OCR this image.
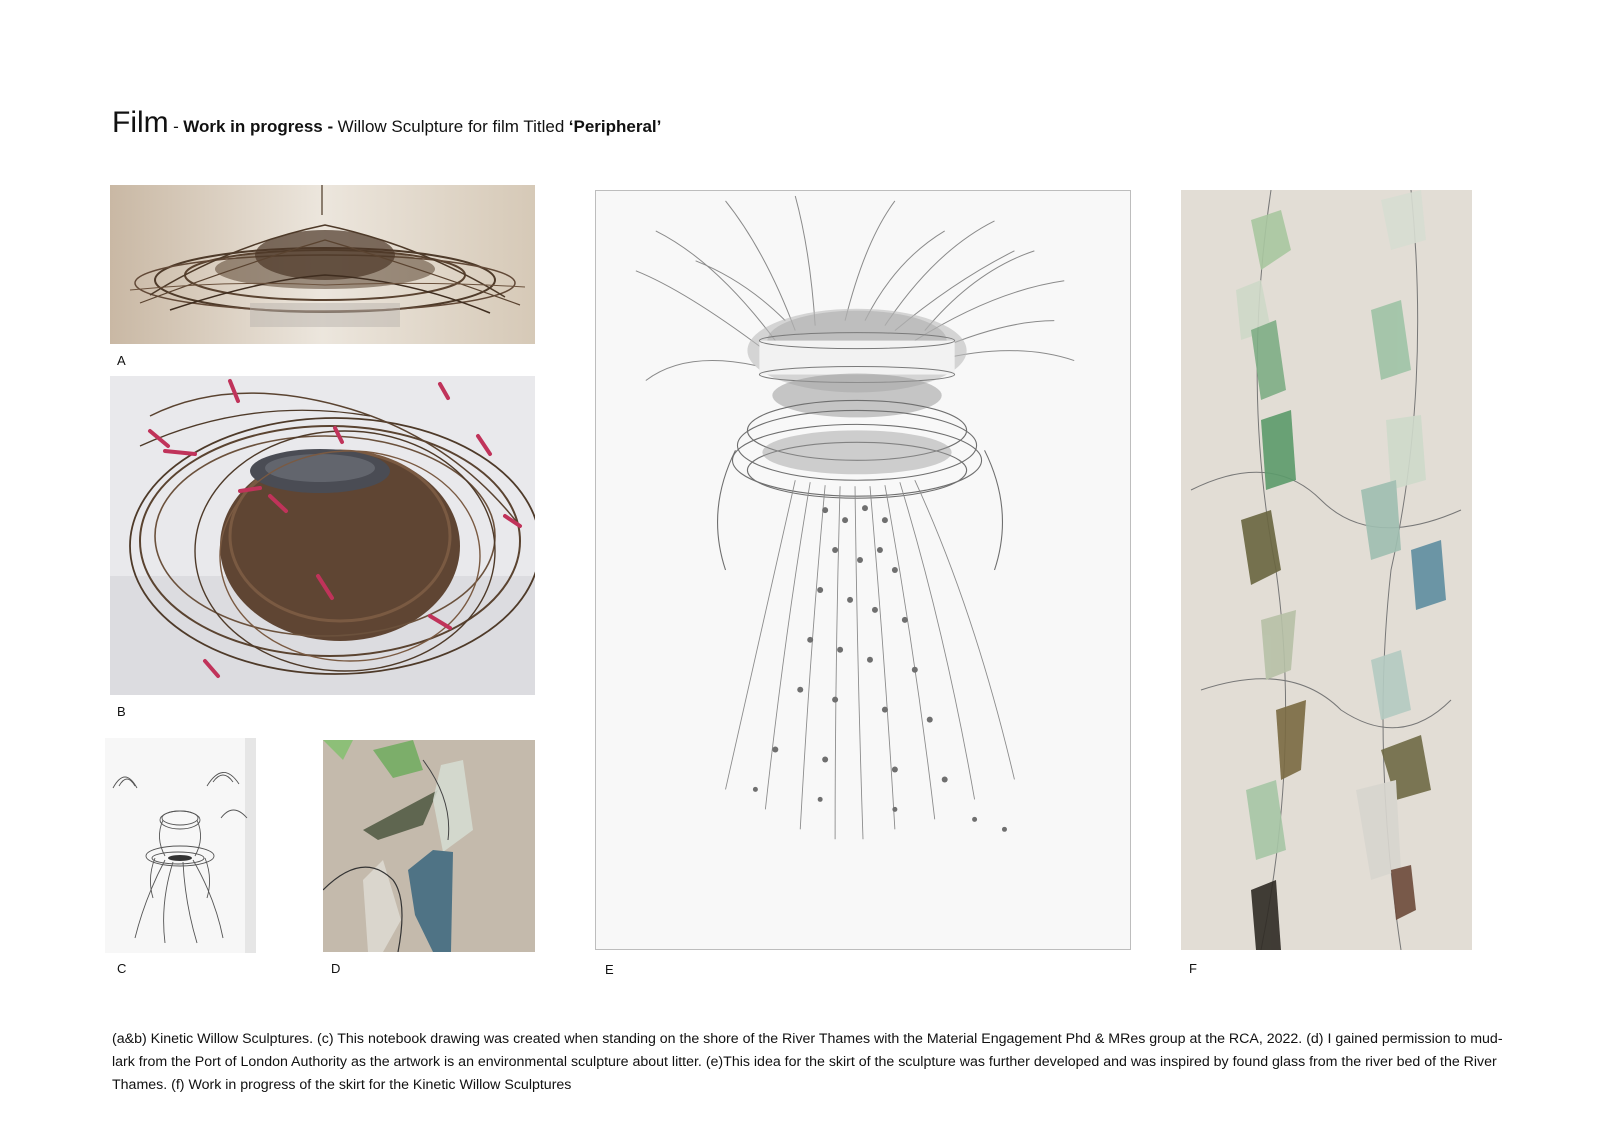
Film - Work in progress - Willow Sculpture for film Titled ‘Peripheral’
A
B
C	D	E	F

(a&b) Kinetic Willow Sculptures. (c) This notebook drawing was created when standing on the shore of the River Thames with the Material Engagement Phd & MRes group at the RCA, 2022. (d) I gained permission to mud-lark from the Port of London Authority as the artwork is an environmental sculpture about litter. (e)This idea for the skirt of the sculpture was further developed and was inspired by found glass from the river bed of the River Thames. (f) Work in progress of the skirt for the Kinetic Willow Sculptures
